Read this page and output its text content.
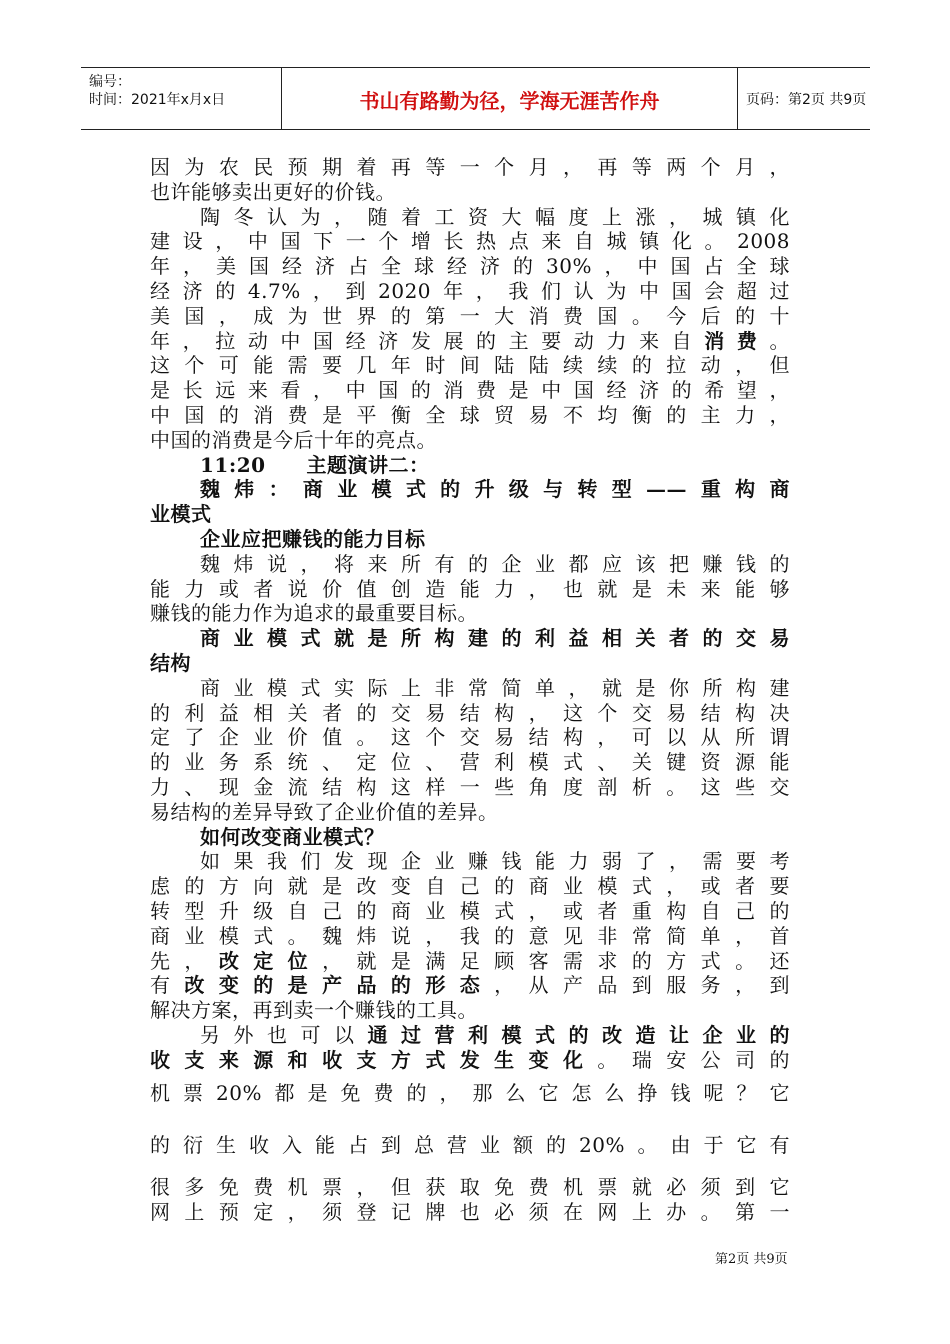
编号：
时间：2021年x月x日	书山有路勤为径，学海无涯苦作舟	页码：第2页 共9页
因为农民预期着再等一个月，再等两个月，
也许能够卖出更好的价钱。
陶冬认为，随着工资大幅度上涨，城镇化
建设，中国下一个增长热点来自城镇化。2008
年，美国经济占全球经济的30%，中国占全球
经济的4.7%，到2020年，我们认为中国会超过
美国，成为世界的第一大消费国。今后的十
年，拉动中国经济发展的主要动力来自消费。
这个可能需要几年时间陆陆续续的拉动，但
是长远来看，中国的消费是中国经济的希望，
中国的消费是平衡全球贸易不均衡的主力，
中国的消费是今后十年的亮点。
11:20　　主题演讲二：
魏炜：商业模式的升级与转型——重构商
业模式
企业应把赚钱的能力目标
魏炜说，将来所有的企业都应该把赚钱的
能力或者说价值创造能力，也就是未来能够
赚钱的能力作为追求的最重要目标。
商业模式就是所构建的利益相关者的交易
结构
商业模式实际上非常简单，就是你所构建
的利益相关者的交易结构，这个交易结构决
定了企业价值。这个交易结构，可以从所谓
的业务系统、定位、营利模式、关键资源能
力、现金流结构这样一些角度剖析。这些交
易结构的差异导致了企业价值的差异。
如何改变商业模式？
如果我们发现企业赚钱能力弱了，需要考
虑的方向就是改变自己的商业模式，或者要
转型升级自己的商业模式，或者重构自己的
商业模式。魏炜说，我的意见非常简单，首
先，改定位，就是满足顾客需求的方式。还
有改变的是产品的形态，从产品到服务，到
解决方案，再到卖一个赚钱的工具。
另外也可以通过营利模式的改造让企业的
收支来源和收支方式发生变化。瑞安公司的
机票20%都是免费的，那么它怎么挣钱呢？它
的衍生收入能占到总营业额的20%。由于它有
很多免费机票，但获取免费机票就必须到它
网上预定，须登记牌也必须在网上办。第一
第2页 共9页
